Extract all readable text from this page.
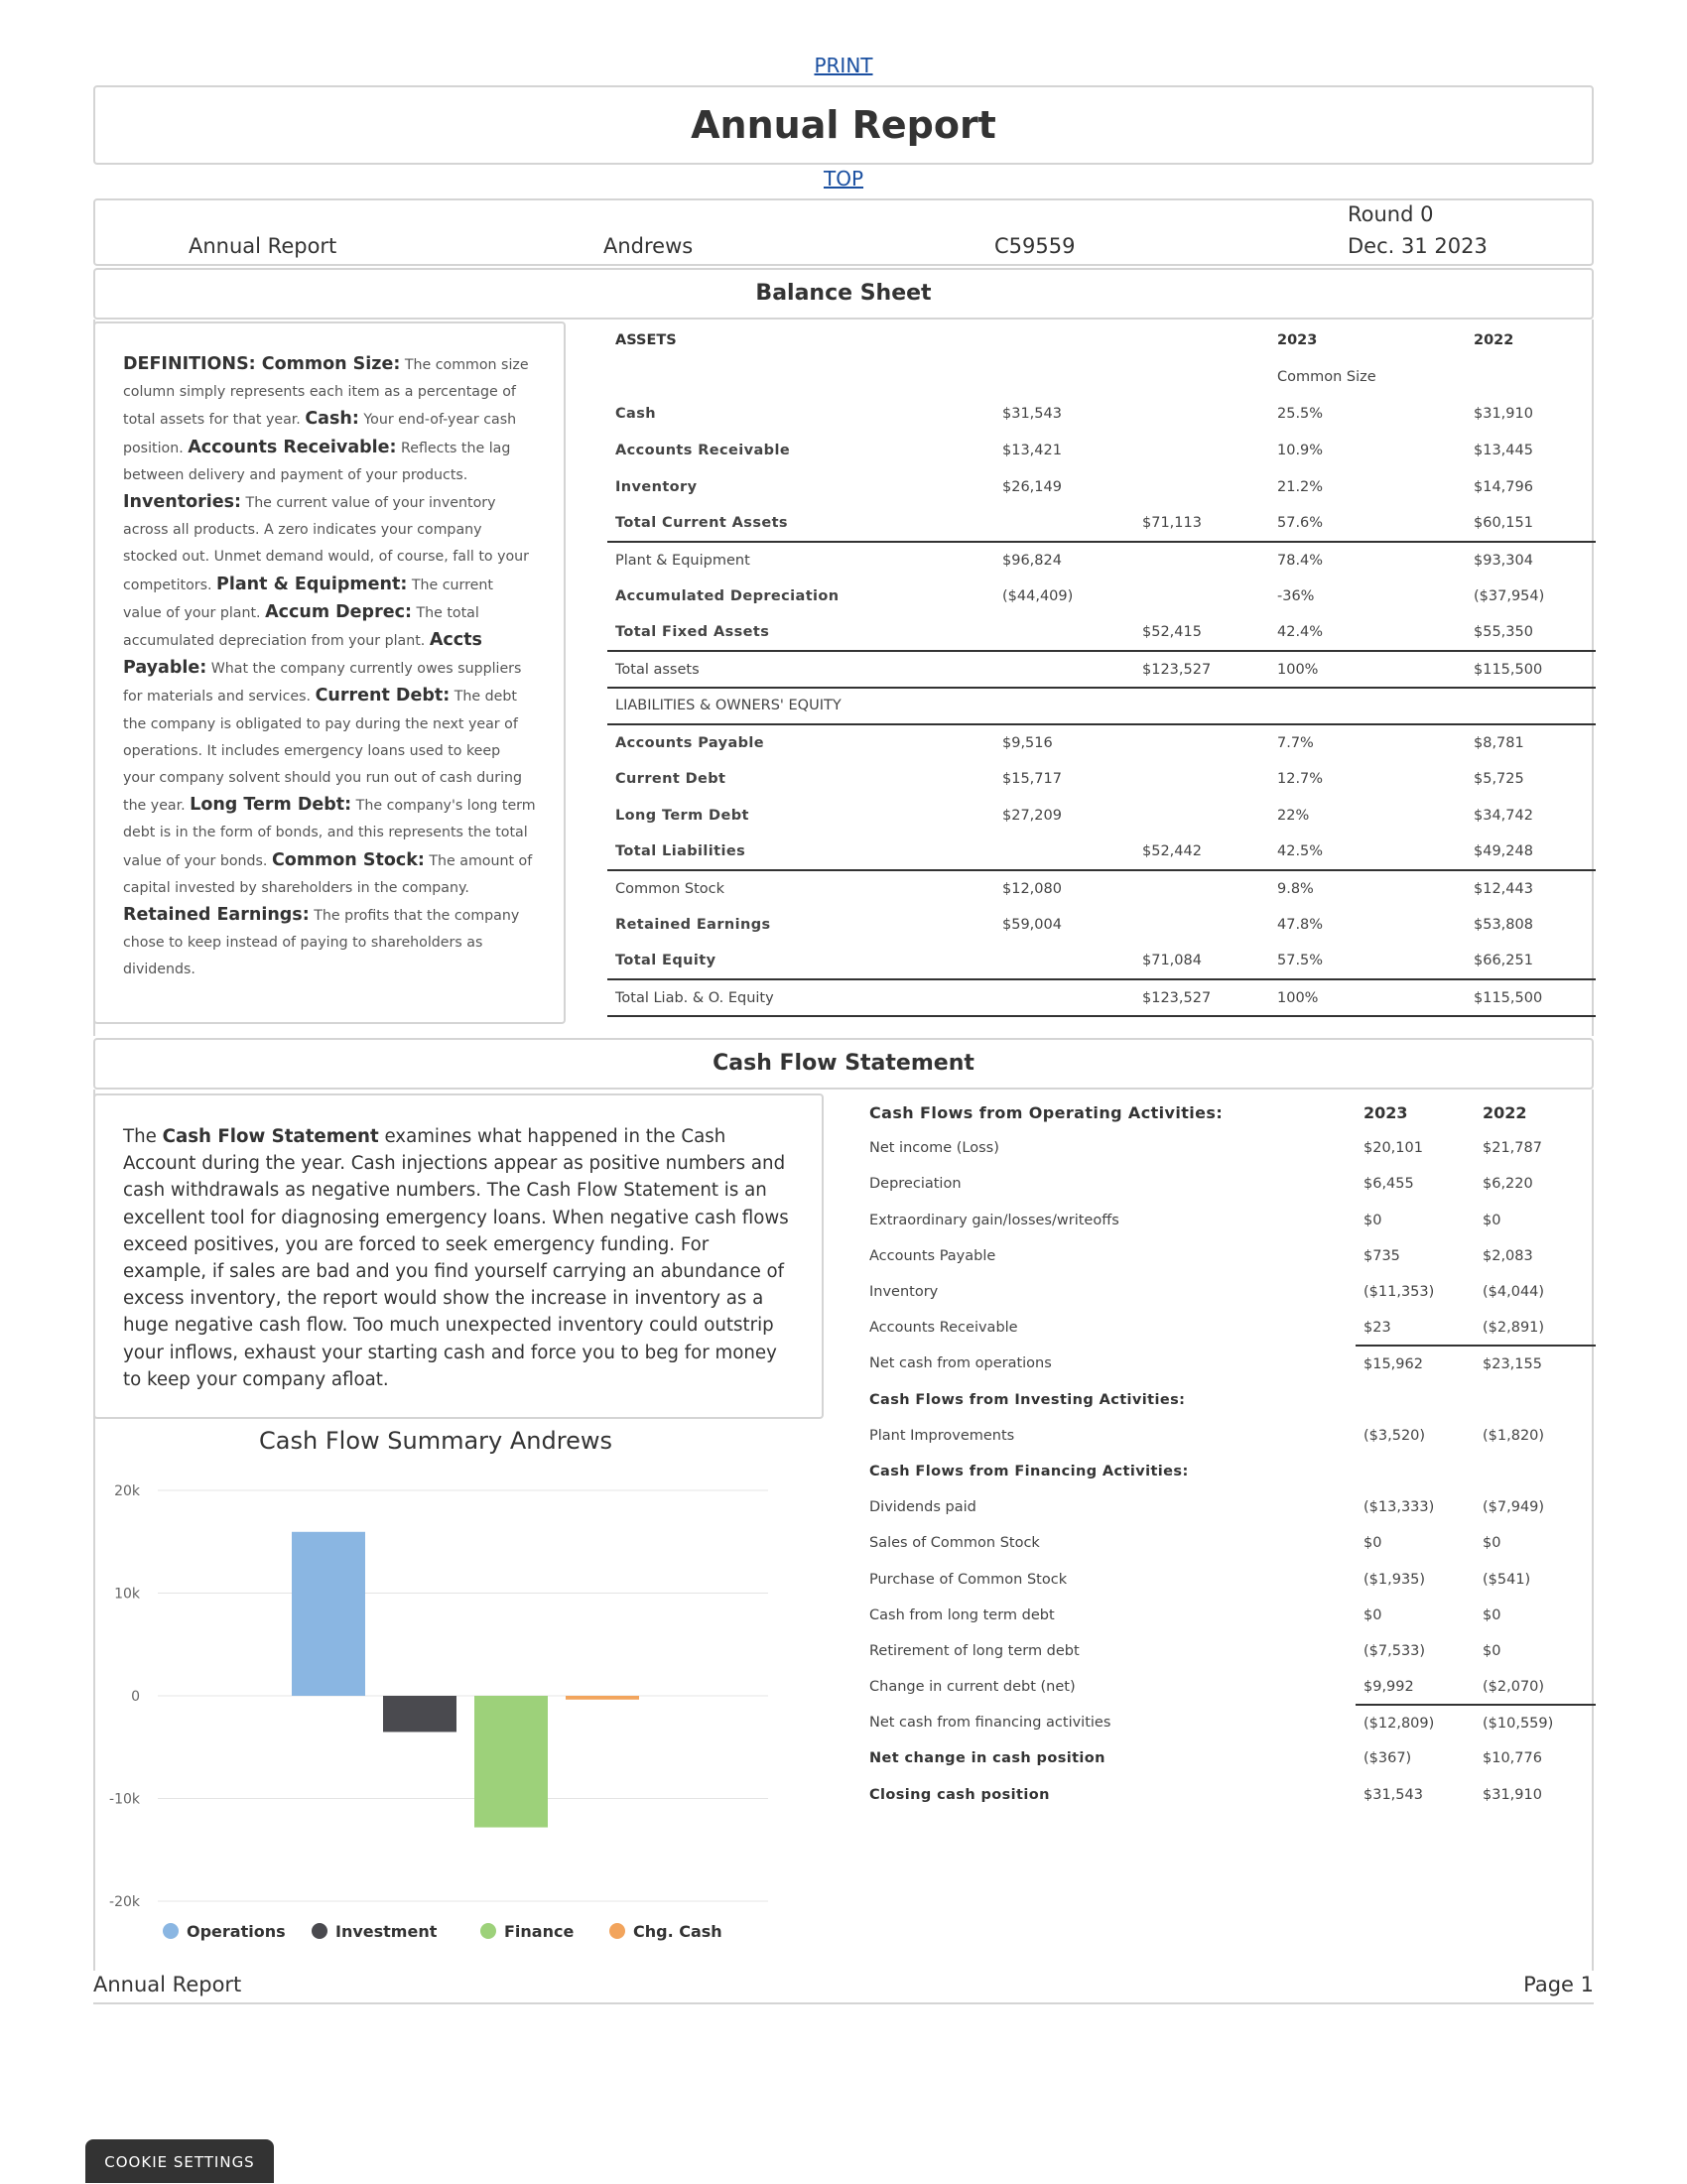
PRINT
Annual Report
TOP
Annual Report	Andrews	C59559
Round 0
Dec. 31 2023
Balance Sheet
DEFINITIONS: Common Size: The common size column simply represents each item as a percentage of total assets for that year. Cash: Your end-of-year cash position. Accounts Receivable: Reflects the lag between delivery and payment of your products. Inventories: The current value of your inventory across all products. A zero indicates your company stocked out. Unmet demand would, of course, fall to your competitors. Plant & Equipment: The current value of your plant. Accum Deprec: The total accumulated depreciation from your plant. Accts Payable: What the company currently owes suppliers for materials and services. Current Debt: The debt the company is obligated to pay during the next year of operations. It includes emergency loans used to keep your company solvent should you run out of cash during the year. Long Term Debt: The company's long term debt is in the form of bonds, and this represents the total value of your bonds. Common Stock: The amount of capital invested by shareholders in the company. Retained Earnings: The profits that the company chose to keep instead of paying to shareholders as dividends.
ASSETS			2023	2022
			Common Size	
Cash	$31,543		25.5%	$31,910
Accounts Receivable	$13,421		10.9%	$13,445
Inventory	$26,149		21.2%	$14,796
Total Current Assets		$71,113	57.6%	$60,151
Plant & Equipment	$96,824		78.4%	$93,304
Accumulated Depreciation	($44,409)		-36%	($37,954)
Total Fixed Assets		$52,415	42.4%	$55,350
Total assets		$123,527	100%	$115,500
LIABILITIES & OWNERS' EQUITY				
Accounts Payable	$9,516		7.7%	$8,781
Current Debt	$15,717		12.7%	$5,725
Long Term Debt	$27,209		22%	$34,742
Total Liabilities		$52,442	42.5%	$49,248
Common Stock	$12,080		9.8%	$12,443
Retained Earnings	$59,004		47.8%	$53,808
Total Equity		$71,084	57.5%	$66,251
Total Liab. & O. Equity		$123,527	100%	$115,500
Cash Flow Statement
The Cash Flow Statement examines what happened in the Cash Account during the year. Cash injections appear as positive numbers and cash withdrawals as negative numbers. The Cash Flow Statement is an excellent tool for diagnosing emergency loans. When negative cash flows exceed positives, you are forced to seek emergency funding. For example, if sales are bad and you find yourself carrying an abundance of excess inventory, the report would show the increase in inventory as a huge negative cash flow. Too much unexpected inventory could outstrip your inflows, exhaust your starting cash and force you to beg for money to keep your company afloat.
Cash Flows from Operating Activities:	2023	2022
Net income (Loss)	$20,101	$21,787
Depreciation	$6,455	$6,220
Extraordinary gain/losses/writeoffs	$0	$0
Accounts Payable	$735	$2,083
Inventory	($11,353)	($4,044)
Accounts Receivable	$23	($2,891)
Net cash from operations	$15,962	$23,155
Cash Flows from Investing Activities:		
Plant Improvements	($3,520)	($1,820)
Cash Flows from Financing Activities:		
Dividends paid	($13,333)	($7,949)
Sales of Common Stock	$0	$0
Purchase of Common Stock	($1,935)	($541)
Cash from long term debt	$0	$0
Retirement of long term debt	($7,533)	$0
Change in current debt (net)	$9,992	($2,070)
Net cash from financing activities	($12,809)	($10,559)
Net change in cash position	($367)	$10,776
Closing cash position	$31,543	$31,910
Cash Flow Summary Andrews
20k
10k
0
-10k
-20k
Operations	Investment	Finance	Chg. Cash
Annual Report	Page 1
COOKIE SETTINGS
